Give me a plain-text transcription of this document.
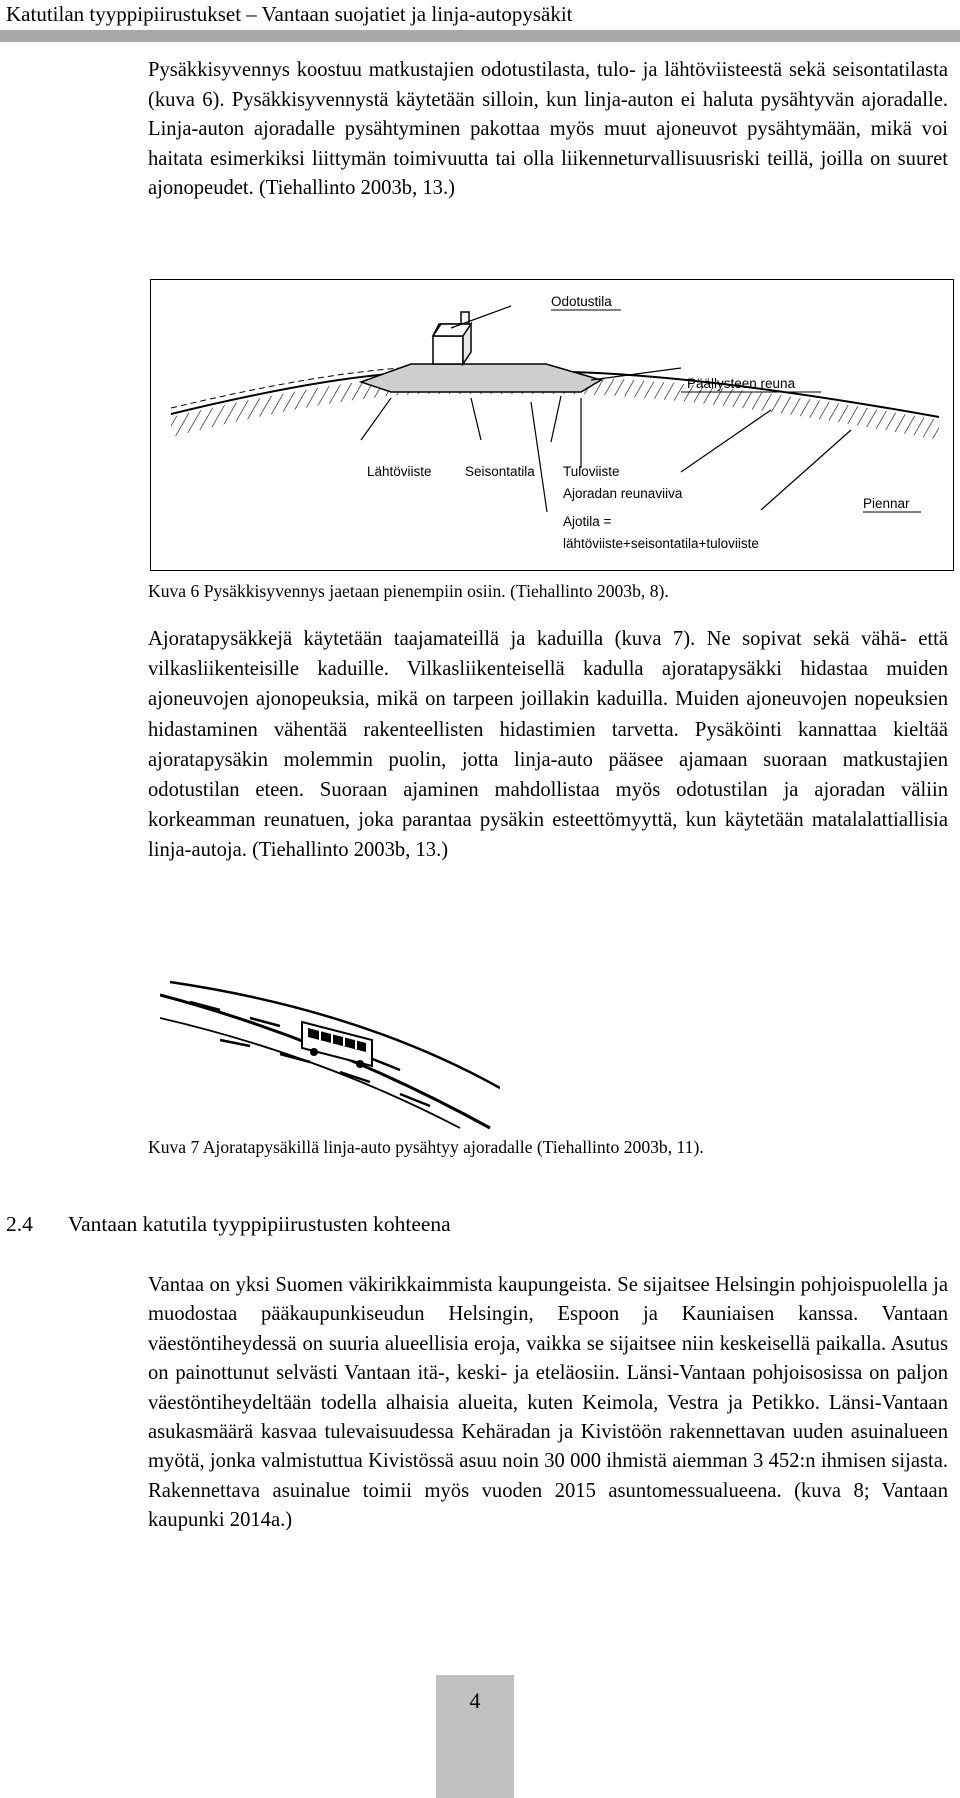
Katutilan tyyppipiirustukset – Vantaan suojatiet ja linja-autopysäkit

Pysäkkisyvennys koostuu matkustajien odotustilasta, tulo- ja lähtöviisteestä sekä seisontatilasta (kuva 6). Pysäkkisyvennystä käytetään silloin, kun linja-auton ei haluta pysähtyvän ajoradalle. Linja-auton ajoradalle pysähtyminen pakottaa myös muut ajoneuvot pysähtymään, mikä voi haitata esimerkiksi liittymän toimivuutta tai olla liikenneturvallisuusriski teillä, joilla on suuret ajonopeudet. (Tiehallinto 2003b, 13.)

Odotustila
Päällysteen reuna
Lähtöviiste Seisontatila Tuloviiste
Ajoradan reunaviiva
Piennar
Ajotila =
lähtöviiste+seisontatila+tuloviiste
Kuva 6 Pysäkkisyvennys jaetaan pienempiin osiin. (Tiehallinto 2003b, 8).

Ajoratapysäkkejä käytetään taajamateillä ja kaduilla (kuva 7). Ne sopivat sekä vähä- että vilkasliikenteisille kaduille. Vilkasliikenteisellä kadulla ajoratapysäkki hidastaa muiden ajoneuvojen ajonopeuksia, mikä on tarpeen joillakin kaduilla. Muiden ajoneuvojen nopeuksien hidastaminen vähentää rakenteellisten hidastimien tarvetta. Pysäköinti kannattaa kieltää ajoratapysäkin molemmin puolin, jotta linja-auto pääsee ajamaan suoraan matkustajien odotustilan eteen. Suoraan ajaminen mahdollistaa myös odotustilan ja ajoradan väliin korkeamman reunatuen, joka parantaa pysäkin esteettömyyttä, kun käytetään matalalattiallisia linja-autoja. (Tiehallinto 2003b, 13.)

Kuva 7 Ajoratapysäkillä linja-auto pysähtyy ajoradalle (Tiehallinto 2003b, 11).
2.4 Vantaan katutila tyyppipiirustusten kohteena

Vantaa on yksi Suomen väkirikkaimmista kaupungeista. Se sijaitsee Helsingin pohjoispuolella ja muodostaa pääkaupunkiseudun Helsingin, Espoon ja Kauniaisen kanssa. Vantaan väestöntiheydessä on suuria alueellisia eroja, vaikka se sijaitsee niin keskeisellä paikalla. Asutus on painottunut selvästi Vantaan itä-, keski- ja eteläosiin. Länsi-Vantaan pohjoisosissa on paljon väestöntiheydeltään todella alhaisia alueita, kuten Keimola, Vestra ja Petikko. Länsi-Vantaan asukasmäärä kasvaa tulevaisuudessa Kehäradan ja Kivistöön rakennettavan uuden asuinalueen myötä, jonka valmistuttua Kivistössä asuu noin 30 000 ihmistä aiemman 3 452:n ihmisen sijasta. Rakennettava asuinalue toimii myös vuoden 2015 asuntomessualueena. (kuva 8; Vantaan kaupunki 2014a.)

4
